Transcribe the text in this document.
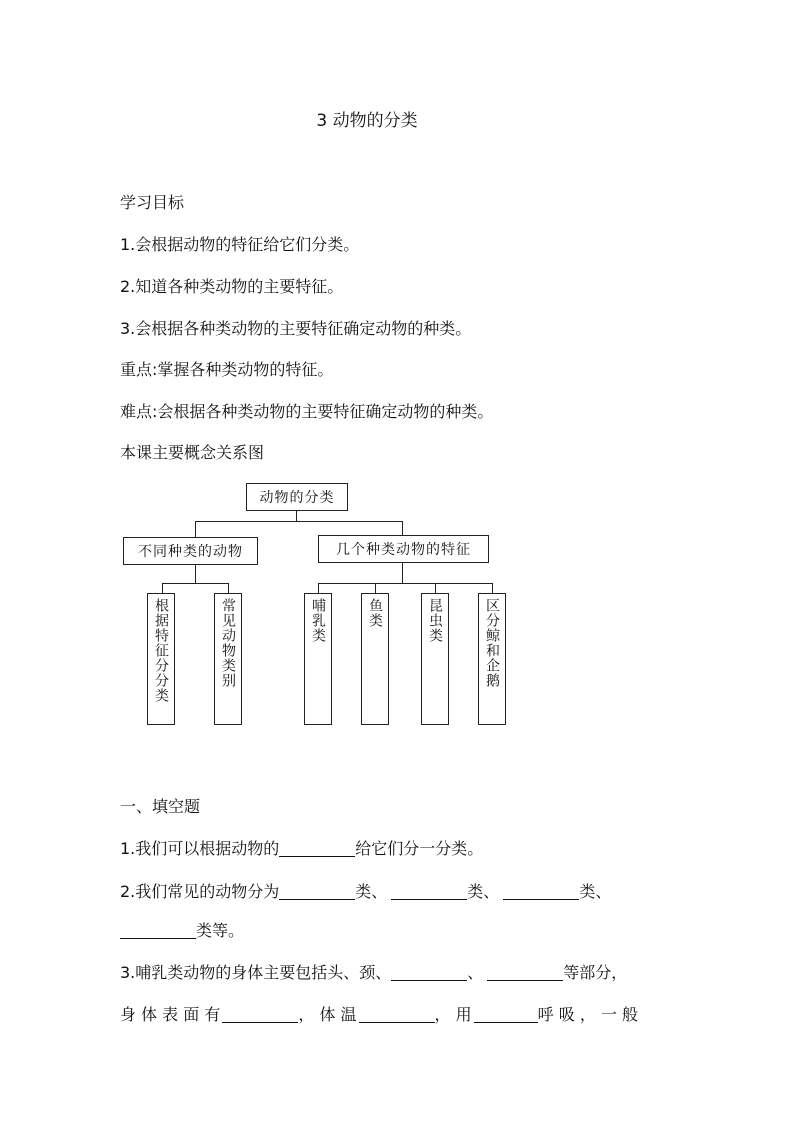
3 动物的分类
学习目标
1.会根据动物的特征给它们分类。
2.知道各种类动物的主要特征。
3.会根据各种类动物的主要特征确定动物的种类。
重点:掌握各种类动物的特征。
难点:会根据各种类动物的主要特征确定动物的种类。
本课主要概念关系图
动物的分类
不同种类的动物	几个种类动物的特征
根据特征分分类	常见动物类别	哺乳类	鱼类	昆虫类	区分鲸和企鹅
一、填空题
1.我们可以根据动物的	给它们分一分类。
2.我们常见的动物分为	类、	类、	类、
类等。
3.哺乳类动物的身体主要包括头、颈、	、	等部分，
身 体 表 面 有	， 体 温	， 用	呼 吸 ， 一 般
